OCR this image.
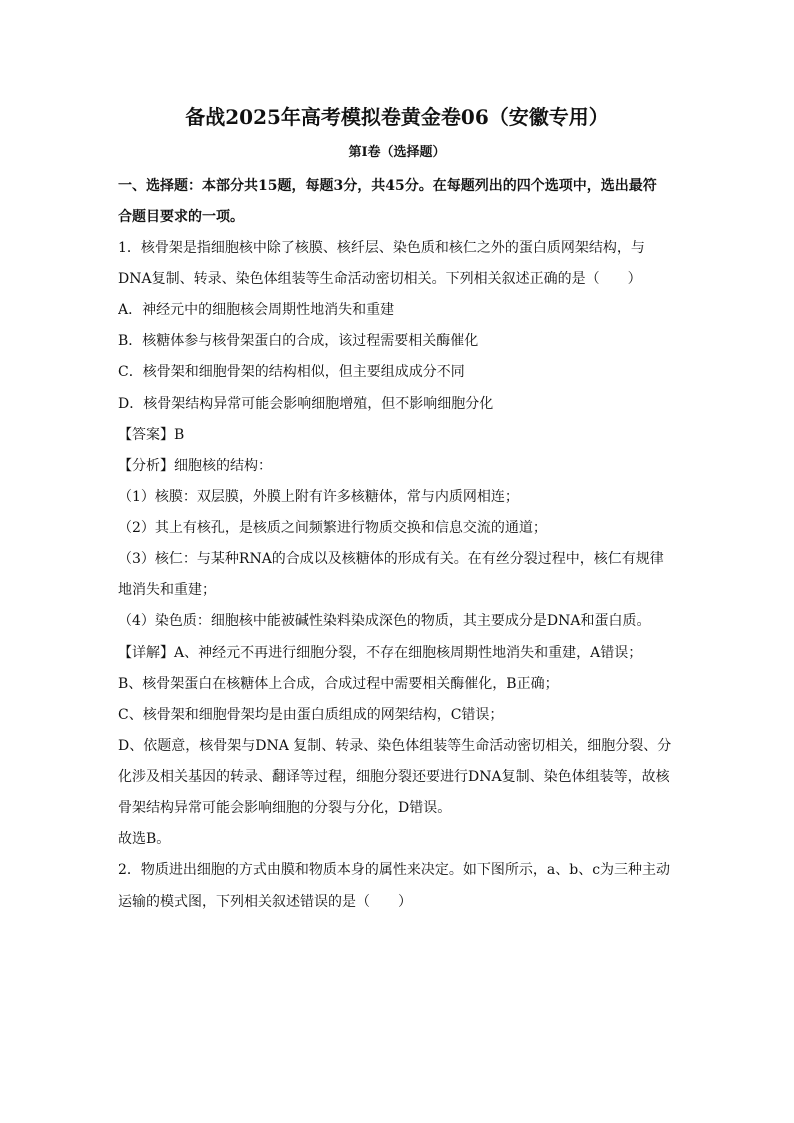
备战2025年高考模拟卷黄金卷06（安徽专用）
第I卷（选择题）
一、选择题：本部分共15题，每题3分，共45分。在每题列出的四个选项中，选出最符
合题目要求的一项。
1．核骨架是指细胞核中除了核膜、核纤层、染色质和核仁之外的蛋白质网架结构，与
DNA复制、转录、染色体组装等生命活动密切相关。下列相关叙述正确的是（　　）
A．神经元中的细胞核会周期性地消失和重建
B．核糖体参与核骨架蛋白的合成，该过程需要相关酶催化
C．核骨架和细胞骨架的结构相似，但主要组成成分不同
D．核骨架结构异常可能会影响细胞增殖，但不影响细胞分化
【答案】B
【分析】细胞核的结构：
（1）核膜：双层膜，外膜上附有许多核糖体，常与内质网相连；
（2）其上有核孔，是核质之间频繁进行物质交换和信息交流的通道；
（3）核仁：与某种RNA的合成以及核糖体的形成有关。在有丝分裂过程中，核仁有规律
地消失和重建；
（4）染色质：细胞核中能被碱性染料染成深色的物质，其主要成分是DNA和蛋白质。
【详解】A、神经元不再进行细胞分裂，不存在细胞核周期性地消失和重建，A错误；
B、核骨架蛋白在核糖体上合成，合成过程中需要相关酶催化，B正确；
C、核骨架和细胞骨架均是由蛋白质组成的网架结构，C错误；
D、依题意，核骨架与DNA 复制、转录、染色体组装等生命活动密切相关，细胞分裂、分
化涉及相关基因的转录、翻译等过程，细胞分裂还要进行DNA复制、染色体组装等，故核
骨架结构异常可能会影响细胞的分裂与分化，D错误。
故选B。
2．物质进出细胞的方式由膜和物质本身的属性来决定。如下图所示，a、b、c为三种主动
运输的模式图，下列相关叙述错误的是（　　）
